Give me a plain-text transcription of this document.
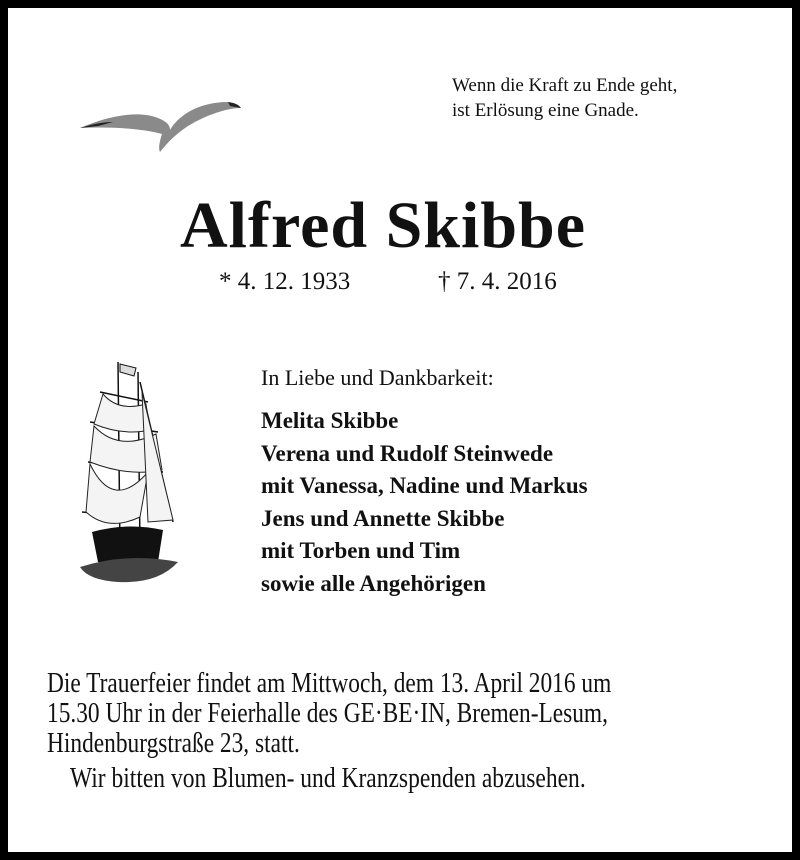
Wenn die Kraft zu Ende geht,
ist Erlösung eine Gnade.
Alfred Skibbe
* 4. 12. 1933	† 7. 4. 2016
In Liebe und Dankbarkeit:
Melita Skibbe
Verena und Rudolf Steinwede
mit Vanessa, Nadine und Markus
Jens und Annette Skibbe
mit Torben und Tim
sowie alle Angehörigen
Die Trauerfeier findet am Mittwoch, dem 13. April 2016 um
15.30 Uhr in der Feierhalle des GE·BE·IN, Bremen-Lesum,
Hindenburgstraße 23, statt.
Wir bitten von Blumen- und Kranzspenden abzusehen.
